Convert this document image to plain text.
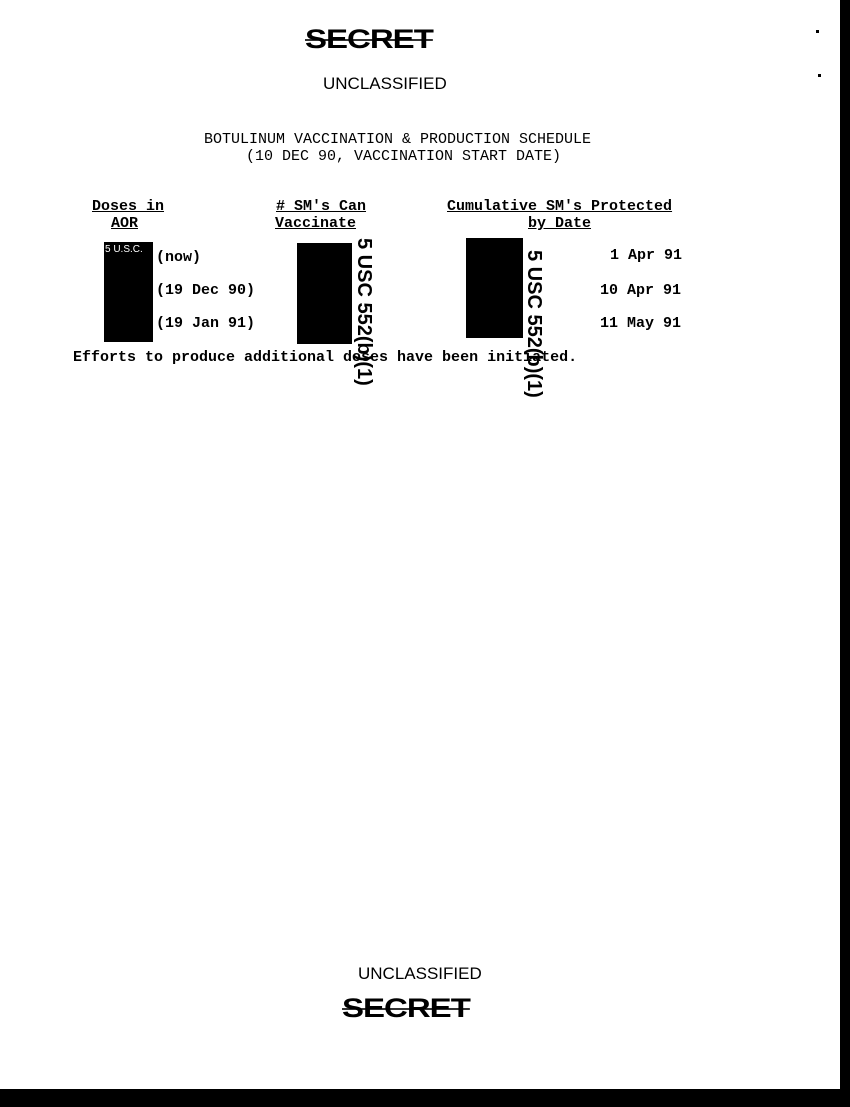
SECRET
UNCLASSIFIED
BOTULINUM VACCINATION & PRODUCTION SCHEDULE
(10 DEC 90, VACCINATION START DATE)
Doses in
AOR
# SM's Can
Vaccinate
Cumulative SM's Protected
by Date
5 U.S.C. (now)
(19 Dec 90)
(19 Jan 91)
1 Apr 91
10 Apr 91
11 May 91
5 USC 552(b)(1)	5 USC 552(b)(1)
Efforts to produce additional doses have been initiated.
UNCLASSIFIED
SECRET
